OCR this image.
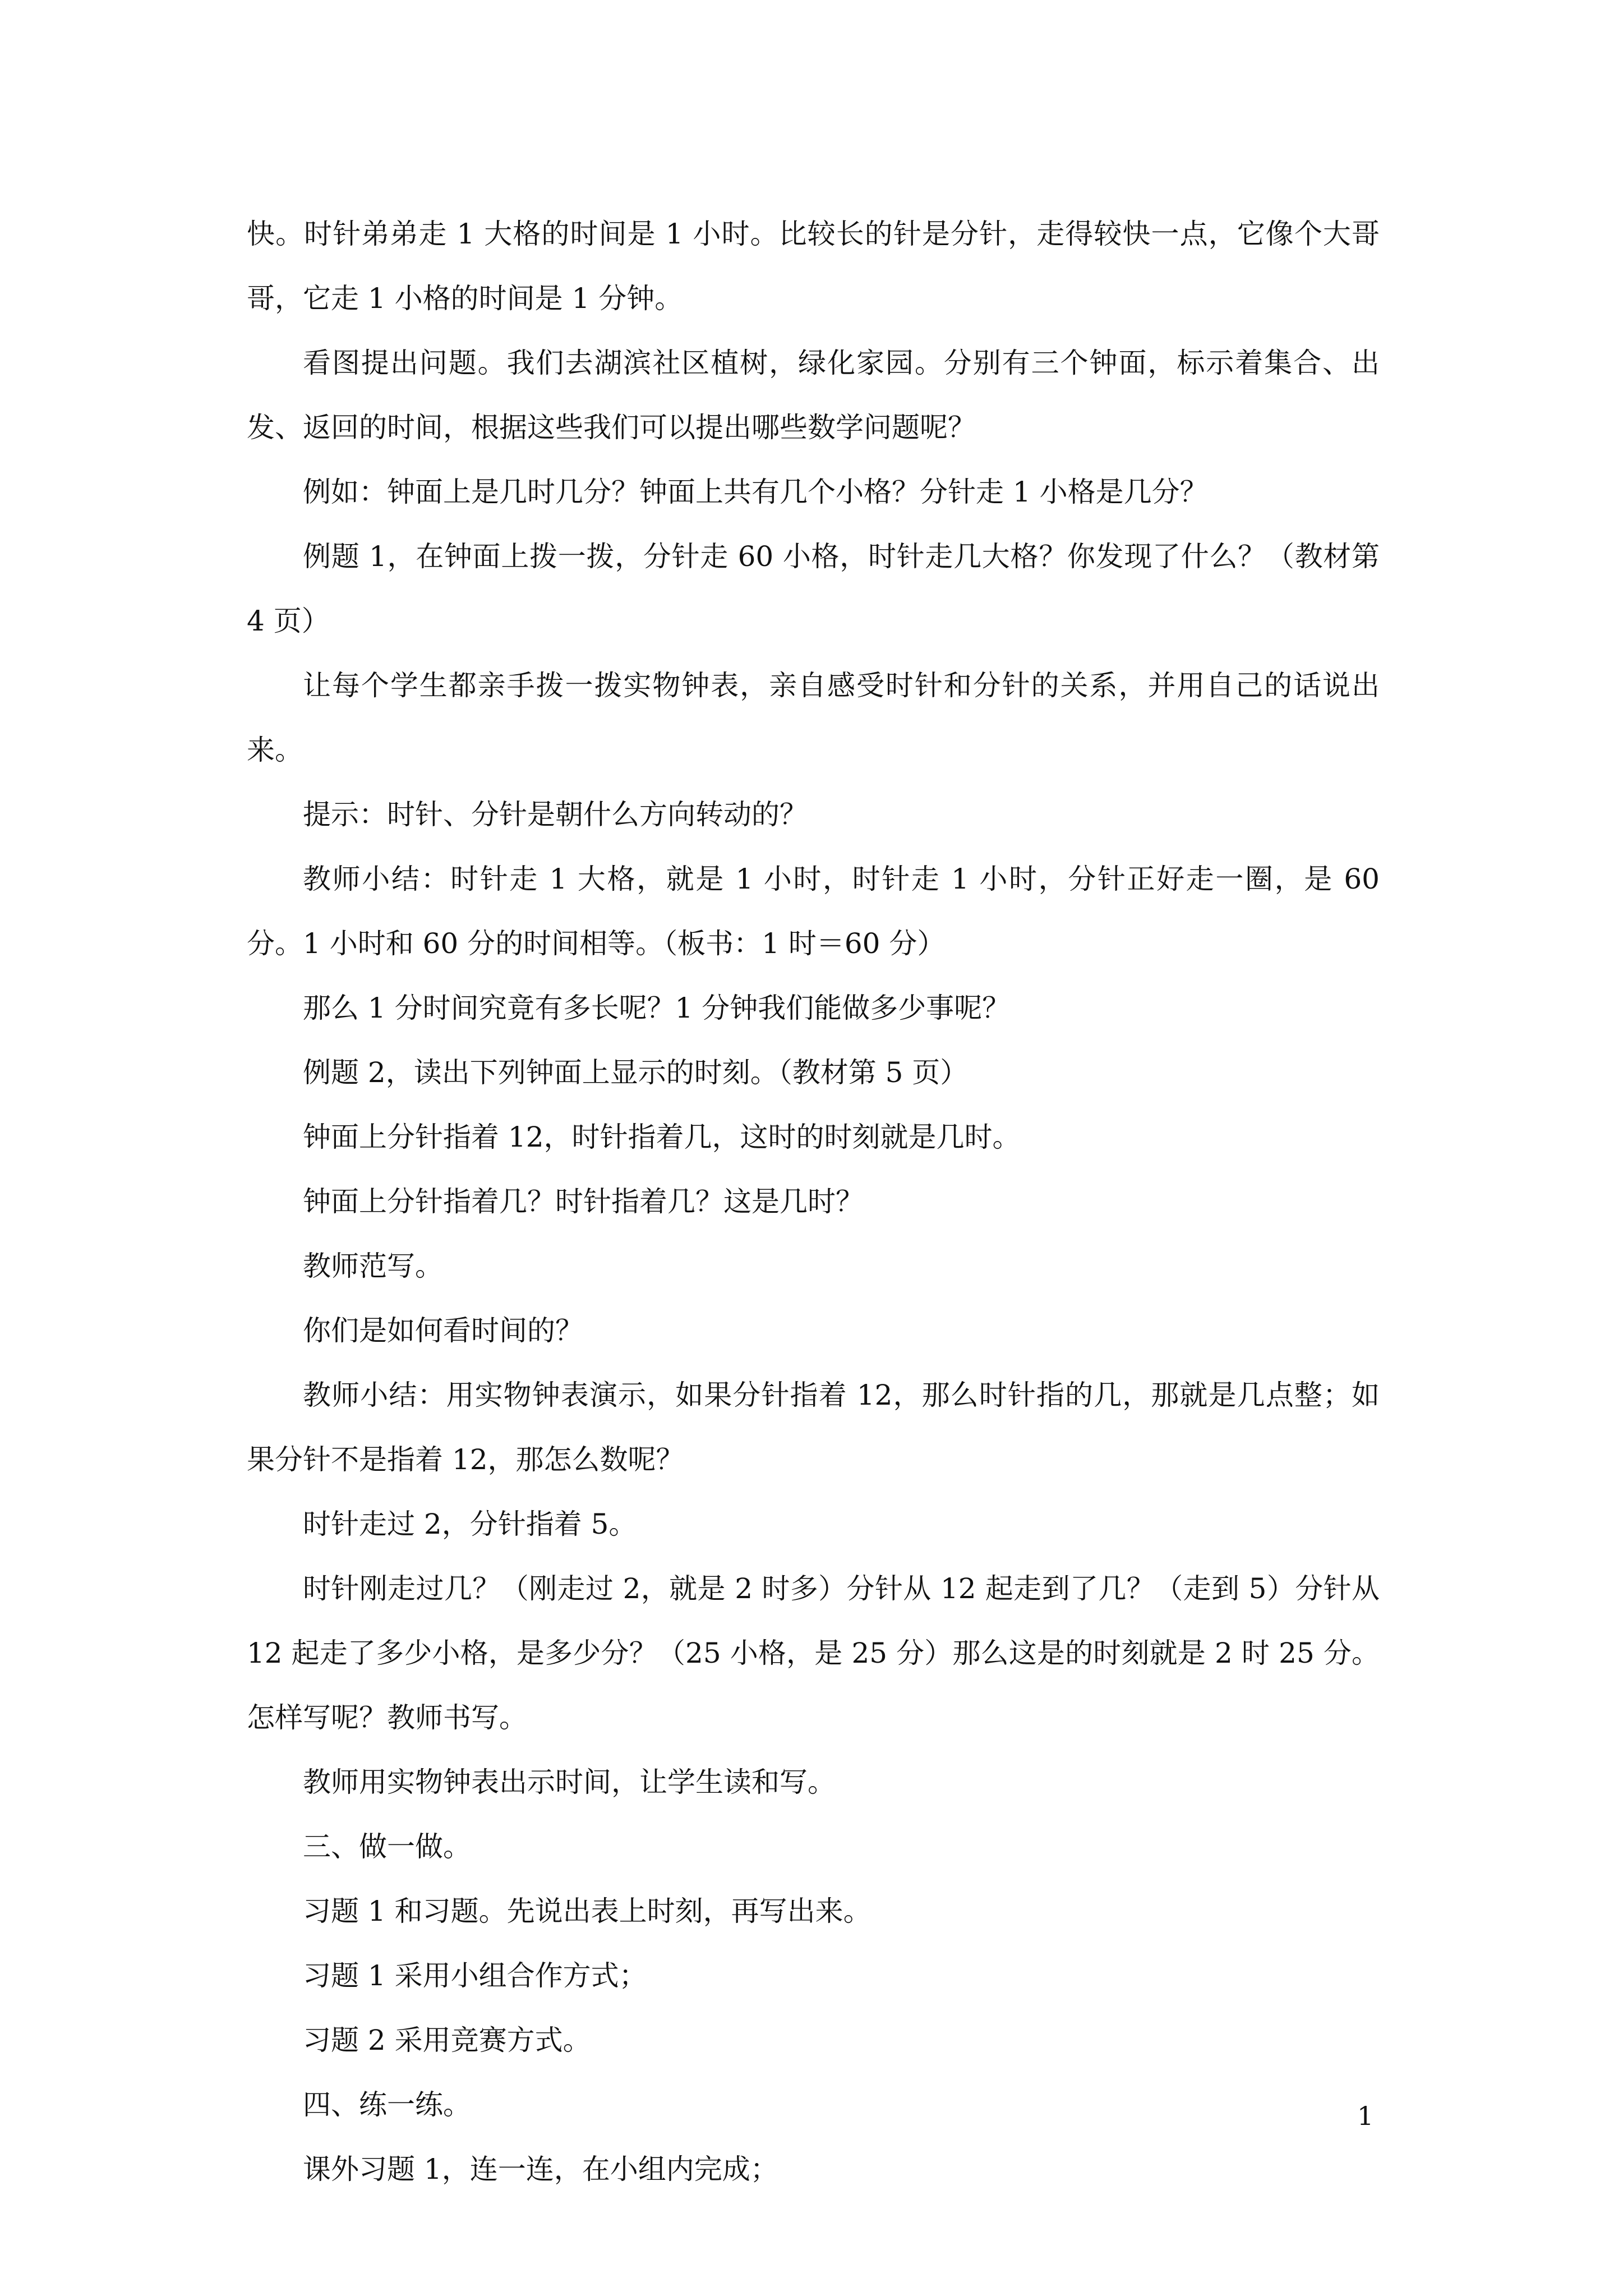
快。时针弟弟走 1 大格的时间是 1 小时。比较长的针是分针，走得较快一点，它像个大哥哥，它走 1 小格的时间是 1 分钟。

看图提出问题。我们去湖滨社区植树，绿化家园。分别有三个钟面，标示着集合、出发、返回的时间，根据这些我们可以提出哪些数学问题呢？

例如：钟面上是几时几分？钟面上共有几个小格？分针走 1 小格是几分？

例题 1，在钟面上拨一拨，分针走 60 小格，时针走几大格？你发现了什么？（教材第 4 页）

让每个学生都亲手拨一拨实物钟表，亲自感受时针和分针的关系，并用自己的话说出来。

提示：时针、分针是朝什么方向转动的？

教师小结：时针走 1 大格，就是 1 小时，时针走 1 小时，分针正好走一圈，是 60 分。1 小时和 60 分的时间相等。（板书：1 时＝60 分）

那么 1 分时间究竟有多长呢？1 分钟我们能做多少事呢？

例题 2，读出下列钟面上显示的时刻。（教材第 5 页）

钟面上分针指着 12，时针指着几，这时的时刻就是几时。

钟面上分针指着几？时针指着几？这是几时？

教师范写。

你们是如何看时间的？

教师小结：用实物钟表演示，如果分针指着 12，那么时针指的几，那就是几点整；如果分针不是指着 12，那怎么数呢？

时针走过 2，分针指着 5。

时针刚走过几？（刚走过 2，就是 2 时多）分针从 12 起走到了几？（走到 5）分针从 12 起走了多少小格，是多少分？（25 小格，是 25 分）那么这是的时刻就是 2 时 25 分。怎样写呢？教师书写。

教师用实物钟表出示时间，让学生读和写。

三、做一做。

习题 1 和习题。先说出表上时刻，再写出来。

习题 1 采用小组合作方式；

习题 2 采用竞赛方式。

四、练一练。

课外习题 1，连一连，在小组内完成；

1
